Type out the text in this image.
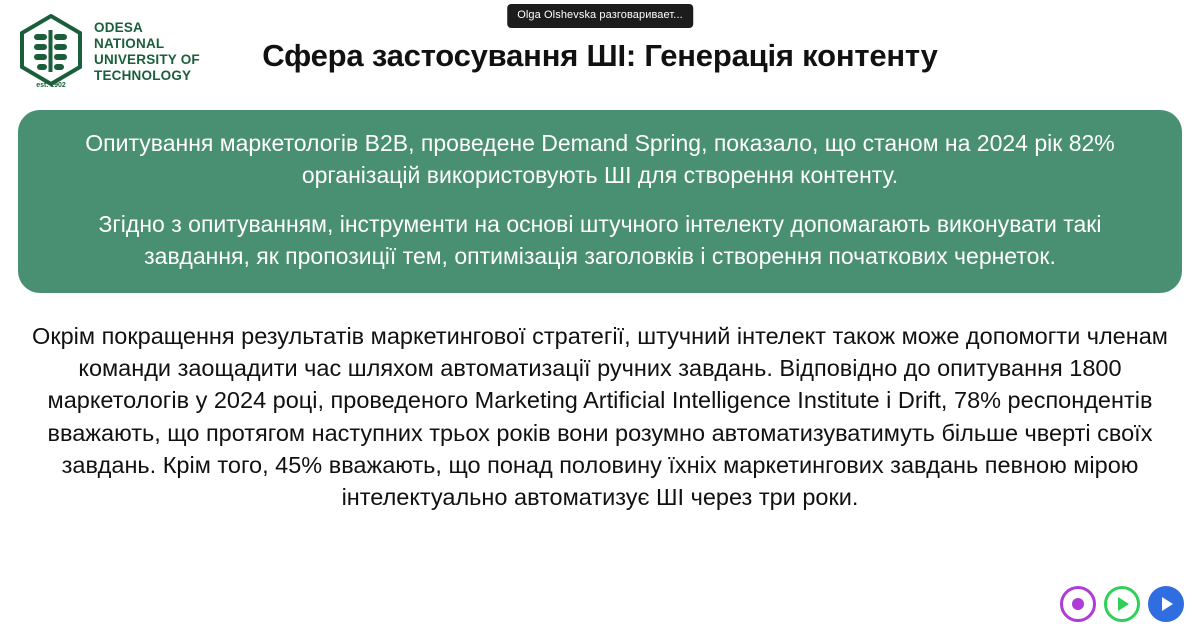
Olga Olshevska разговаривает...
est. 1902
ODESA
NATIONAL
UNIVERSITY OF
TECHNOLOGY
Сфера застосування ШІ: Генерація контенту

Опитування маркетологів B2B, проведене Demand Spring, показало, що станом на 2024 рік 82% організацій використовують ШІ для створення контенту.

Згідно з опитуванням, інструменти на основі штучного інтелекту допомагають виконувати такі завдання, як пропозиції тем, оптимізація заголовків і створення початкових чернеток.

Окрім покращення результатів маркетингової стратегії, штучний інтелект також може допомогти членам команди заощадити час шляхом автоматизації ручних завдань. Відповідно до опитування 1800 маркетологів у 2024 році, проведеного Marketing Artificial Intelligence Institute і Drift, 78% респондентів вважають, що протягом наступних трьох років вони розумно автоматизуватимуть більше чверті своїх завдань. Крім того, 45% вважають, що понад половину їхніх маркетингових завдань певною мірою інтелектуально автоматизує ШІ через три роки.
